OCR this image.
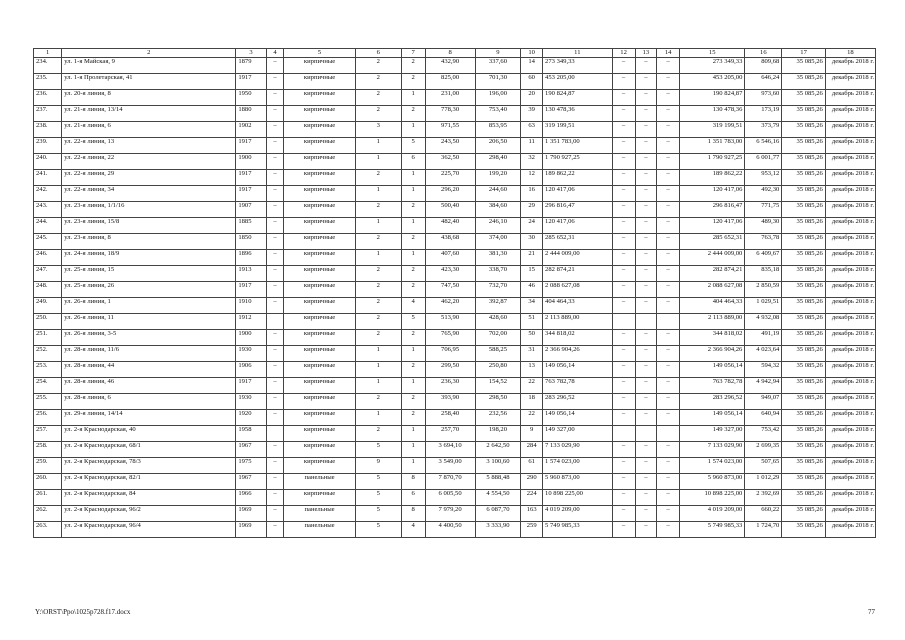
1	2	3	4	5	6	7	8	9	10	11	12	13	14	15	16	17	18
234.	ул. 1-я Майская, 9	1879	–	кирпичные	2	2	432,90	337,60	14	273 349,33	–	–	–	273 349,33	809,68	35 085,26	декабрь 2018 г.
235.	ул. 1-я Пролетарская, 41	1917	–	кирпичные	2	2	825,00	701,30	60	453 205,00	–	–	–	453 205,00	646,24	35 085,26	декабрь 2018 г.
236.	ул. 20-я линия, 8	1950	–	кирпичные	2	1	231,00	196,00	20	190 824,87	–	–	–	190 824,87	973,60	35 085,26	декабрь 2018 г.
237.	ул. 21-я линия, 13/14	1880	–	кирпичные	2	2	778,30	753,40	39	130 478,36	–	–	–	130 478,36	173,19	35 085,26	декабрь 2018 г.
238.	ул. 21-я линия, 6	1902	–	кирпичные	3	1	971,55	853,95	63	319 199,51	–	–	–	319 199,51	373,79	35 085,26	декабрь 2018 г.
239.	ул. 22-я линия, 13	1917	–	кирпичные	1	5	243,50	206,50	11	1 351 783,00	–	–	–	1 351 783,00	6 546,16	35 085,26	декабрь 2018 г.
240.	ул. 22-я линия, 22	1900	–	кирпичные	1	6	362,50	298,40	32	1 790 927,25	–	–	–	1 790 927,25	6 001,77	35 085,26	декабрь 2018 г.
241.	ул. 22-я линия, 29	1917	–	кирпичные	2	1	225,70	199,20	12	189 862,22	–	–	–	189 862,22	953,12	35 085,26	декабрь 2018 г.
242.	ул. 22-я линия, 34	1917	–	кирпичные	1	1	296,20	244,60	16	120 417,06	–	–	–	120 417,06	492,30	35 085,26	декабрь 2018 г.
243.	ул. 23-я линия, 1/1/16	1907	–	кирпичные	2	2	500,40	384,60	29	296 816,47	–	–	–	296 816,47	771,75	35 085,26	декабрь 2018 г.
244.	ул. 23-я линия, 15/8	1885	–	кирпичные	1	1	482,40	246,10	24	120 417,06	–	–	–	120 417,06	489,30	35 085,26	декабрь 2018 г.
245.	ул. 23-я линия, 8	1850	–	кирпичные	2	2	438,68	374,00	30	285 652,31	–	–	–	285 652,31	763,78	35 085,26	декабрь 2018 г.
246.	ул. 24-я линия, 18/9	1896	–	кирпичные	1	1	407,60	381,30	21	2 444 009,00	–	–	–	2 444 009,00	6 409,67	35 085,26	декабрь 2018 г.
247.	ул. 25-я линия, 15	1913	–	кирпичные	2	2	423,30	338,70	15	282 874,21	–	–	–	282 874,21	835,18	35 085,26	декабрь 2018 г.
248.	ул. 25-я линия, 26	1917	–	кирпичные	2	2	747,50	732,70	46	2 088 627,08	–	–	–	2 088 627,08	2 850,59	35 085,26	декабрь 2018 г.
249.	ул. 26-я линия, 1	1910	–	кирпичные	2	4	462,20	392,87	34	404 464,33	–	–	–	404 464,33	1 029,51	35 085,26	декабрь 2018 г.
250.	ул. 26-я линия, 11	1912		кирпичные	2	5	513,90	428,60	51	2 113 889,00				2 113 889,00	4 932,08	35 085,26	декабрь 2018 г.
251.	ул. 26-я линия, 3-5	1900	–	кирпичные	2	2	765,90	702,00	50	344 818,02	–	–	–	344 818,02	491,19	35 085,26	декабрь 2018 г.
252.	ул. 28-я линия, 11/6	1930	–	кирпичные	1	1	706,95	588,25	31	2 366 904,26	–	–	–	2 366 904,26	4 023,64	35 085,26	декабрь 2018 г.
253.	ул. 28-я линия, 44	1906	–	кирпичные	1	2	299,50	250,80	13	149 056,14	–	–	–	149 056,14	594,32	35 085,26	декабрь 2018 г.
254.	ул. 28-я линия, 46	1917	–	кирпичные	1	1	236,30	154,52	22	763 782,78	–	–	–	763 782,78	4 942,94	35 085,26	декабрь 2018 г.
255.	ул. 28-я линия, 6	1930	–	кирпичные	2	2	393,90	298,50	18	283 296,52	–	–	–	283 296,52	949,07	35 085,26	декабрь 2018 г.
256.	ул. 29-я линия, 14/14	1920	–	кирпичные	1	2	258,40	232,56	22	149 056,14	–	–	–	149 056,14	640,94	35 085,26	декабрь 2018 г.
257.	ул. 2-я Краснодарская, 40	1958		кирпичные	2	1	257,70	198,20	9	149 327,00				149 327,00	753,42	35 085,26	декабрь 2018 г.
258.	ул. 2-я Краснодарская, 68/1	1967	–	кирпичные	5	1	3 694,10	2 642,50	284	7 133 029,90	–	–	–	7 133 029,90	2 699,35	35 085,26	декабрь 2018 г.
259.	ул. 2-я Краснодарская, 78/3	1975	–	кирпичные	9	1	3 549,00	3 100,60	61	1 574 023,00	–	–	–	1 574 023,00	507,65	35 085,26	декабрь 2018 г.
260.	ул. 2-я Краснодарская, 82/1	1967	–	панельные	5	8	7 870,70	5 888,48	290	5 960 873,00	–	–	–	5 960 873,00	1 012,29	35 085,26	декабрь 2018 г.
261.	ул. 2-я Краснодарская, 84	1966	–	кирпичные	5	6	6 005,50	4 554,50	224	10 898 225,00	–	–	–	10 898 225,00	2 392,69	35 085,26	декабрь 2018 г.
262.	ул. 2-я Краснодарская, 96/2	1969	–	панельные	5	8	7 979,20	6 087,70	163	4 019 209,00	–	–	–	4 019 209,00	660,22	35 085,26	декабрь 2018 г.
263.	ул. 2-я Краснодарская, 96/4	1969	–	панельные	5	4	4 400,50	3 333,90	259	5 749 985,33	–	–	–	5 749 985,33	1 724,70	35 085,26	декабрь 2018 г.
Y:\ORST\Ppo\1025p728.f17.docx	77
